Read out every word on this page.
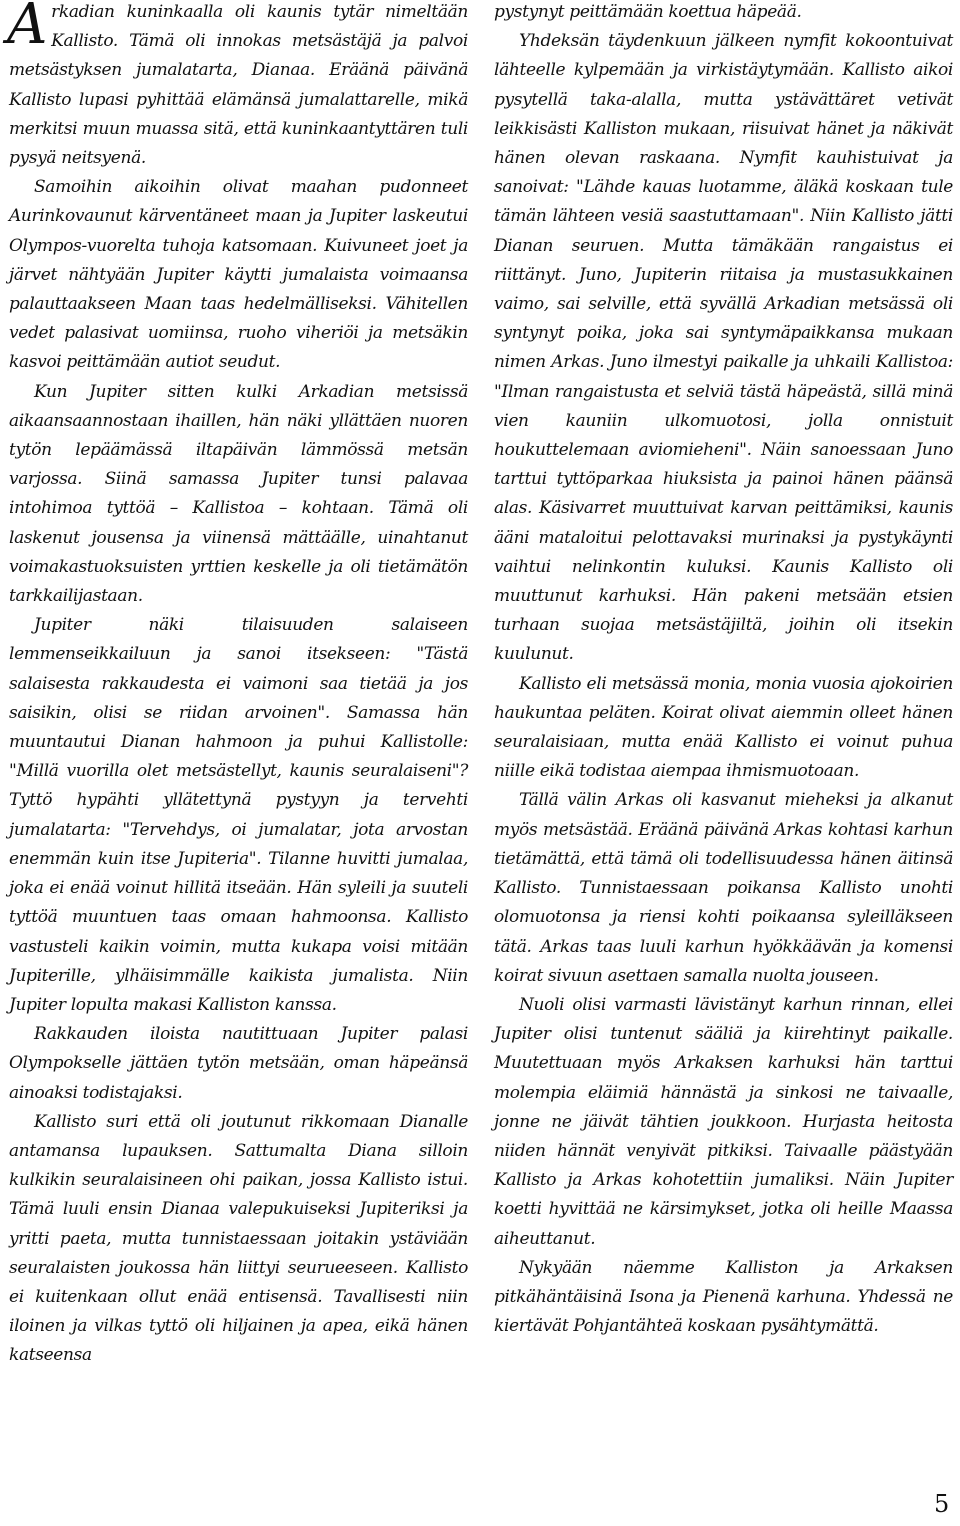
Arkadian kuninkaalla oli kaunis tytär nimeltään Kallisto. Tämä oli innokas metsästäjä ja palvoi metsästyksen jumalatarta, Dianaa. Eräänä päivänä Kallisto lupasi pyhittää elämänsä jumalattarelle, mikä merkitsi muun muassa sitä, että kuninkaantyttären tuli pysyä neitsyenä.

Samoihin aikoihin olivat maahan pudonneet Aurinkovaunut kärventäneet maan ja Jupiter laskeutui Olympos-vuorelta tuhoja katsomaan. Kuivuneet joet ja järvet nähtyään Jupiter käytti jumalaista voimaansa palauttaakseen Maan taas hedelmälliseksi. Vähitellen vedet palasivat uomiinsa, ruoho viheriöi ja metsäkin kasvoi peittämään autiot seudut.

Kun Jupiter sitten kulki Arkadian metsissä aikaansaannostaan ihaillen, hän näki yllättäen nuoren tytön lepäämässä iltapäivän lämmössä metsän varjossa. Siinä samassa Jupiter tunsi palavaa intohimoa tyttöä – Kallistoa – kohtaan. Tämä oli laskenut jousensa ja viinensä mättäälle, uinahtanut voimakastuoksuisten yrttien keskelle ja oli tietämätön tarkkailijastaan.

Jupiter näki tilaisuuden salaiseen lemmenseikkailuun ja sanoi itsekseen: "Tästä salaisesta rakkaudesta ei vaimoni saa tietää ja jos saisikin, olisi se riidan arvoinen". Samassa hän muuntautui Dianan hahmoon ja puhui Kallistolle: "Millä vuorilla olet metsästellyt, kaunis seuralaiseni"? Tyttö hypähti yllätettynä pystyyn ja tervehti jumalatarta: "Tervehdys, oi jumalatar, jota arvostan enemmän kuin itse Jupiteria". Tilanne huvitti jumalaa, joka ei enää voinut hillitä itseään. Hän syleili ja suuteli tyttöä muuntuen taas omaan hahmoonsa. Kallisto vastusteli kaikin voimin, mutta kukapa voisi mitään Jupiterille, ylhäisimmälle kaikista jumalista. Niin Jupiter lopulta makasi Kalliston kanssa.

Rakkauden iloista nautittuaan Jupiter palasi Olympokselle jättäen tytön metsään, oman häpeänsä ainoaksi todistajaksi.

Kallisto suri että oli joutunut rikkomaan Dianalle antamansa lupauksen. Sattumalta Diana silloin kulkikin seuralaisineen ohi paikan, jossa Kallisto istui. Tämä luuli ensin Dianaa valepukuiseksi Jupiteriksi ja yritti paeta, mutta tunnistaessaan joitakin ystäviään seuralaisten joukossa hän liittyi seurueeseen. Kallisto ei kuitenkaan ollut enää entisensä. Tavallisesti niin iloinen ja vilkas tyttö oli hiljainen ja apea, eikä hänen katseensa

pystynyt peittämään koettua häpeää.

Yhdeksän täydenkuun jälkeen nymfit kokoontuivat lähteelle kylpemään ja virkistäytymään. Kallisto aikoi pysytellä taka-alalla, mutta ystävättäret vetivät leikkisästi Kalliston mukaan, riisuivat hänet ja näkivät hänen olevan raskaana. Nymfit kauhistuivat ja sanoivat: "Lähde kauas luotamme, äläkä koskaan tule tämän lähteen vesiä saastuttamaan". Niin Kallisto jätti Dianan seuruen. Mutta tämäkään rangaistus ei riittänyt. Juno, Jupiterin riitaisa ja mustasukkainen vaimo, sai selville, että syvällä Arkadian metsässä oli syntynyt poika, joka sai syntymäpaikkansa mukaan nimen Arkas. Juno ilmestyi paikalle ja uhkaili Kallistoa: "Ilman rangaistusta et selviä tästä häpeästä, sillä minä vien kauniin ulkomuotosi, jolla onnistuit houkuttelemaan aviomieheni". Näin sanoessaan Juno tarttui tyttöparkaa hiuksista ja painoi hänen päänsä alas. Käsivarret muuttuivat karvan peittämiksi, kaunis ääni mataloitui pelottavaksi murinaksi ja pystykäynti vaihtui nelinkontin kuluksi. Kaunis Kallisto oli muuttunut karhuksi. Hän pakeni metsään etsien turhaan suojaa metsästäjiltä, joihin oli itsekin kuulunut.

Kallisto eli metsässä monia, monia vuosia ajokoirien haukuntaa peläten. Koirat olivat aiemmin olleet hänen seuralaisiaan, mutta enää Kallisto ei voinut puhua niille eikä todistaa aiempaa ihmismuotoaan.

Tällä välin Arkas oli kasvanut mieheksi ja alkanut myös metsästää. Eräänä päivänä Arkas kohtasi karhun tietämättä, että tämä oli todellisuudessa hänen äitinsä Kallisto. Tunnistaessaan poikansa Kallisto unohti olomuotonsa ja riensi kohti poikaansa syleilläkseen tätä. Arkas taas luuli karhun hyökkäävän ja komensi koirat sivuun asettaen samalla nuolta jouseen.

Nuoli olisi varmasti lävistänyt karhun rinnan, ellei Jupiter olisi tuntenut sääliä ja kiirehtinyt paikalle. Muutettuaan myös Arkaksen karhuksi hän tarttui molempia eläimiä hännästä ja sinkosi ne taivaalle, jonne ne jäivät tähtien joukkoon. Hurjasta heitosta niiden hännät venyivät pitkiksi. Taivaalle päästyään Kallisto ja Arkas kohotettiin jumaliksi. Näin Jupiter koetti hyvittää ne kärsimykset, jotka oli heille Maassa aiheuttanut.

Nykyään näemme Kalliston ja Arkaksen pitkähäntäisinä Isona ja Pienenä karhuna. Yhdessä ne kiertävät Pohjantähteä koskaan pysähtymättä.

5
